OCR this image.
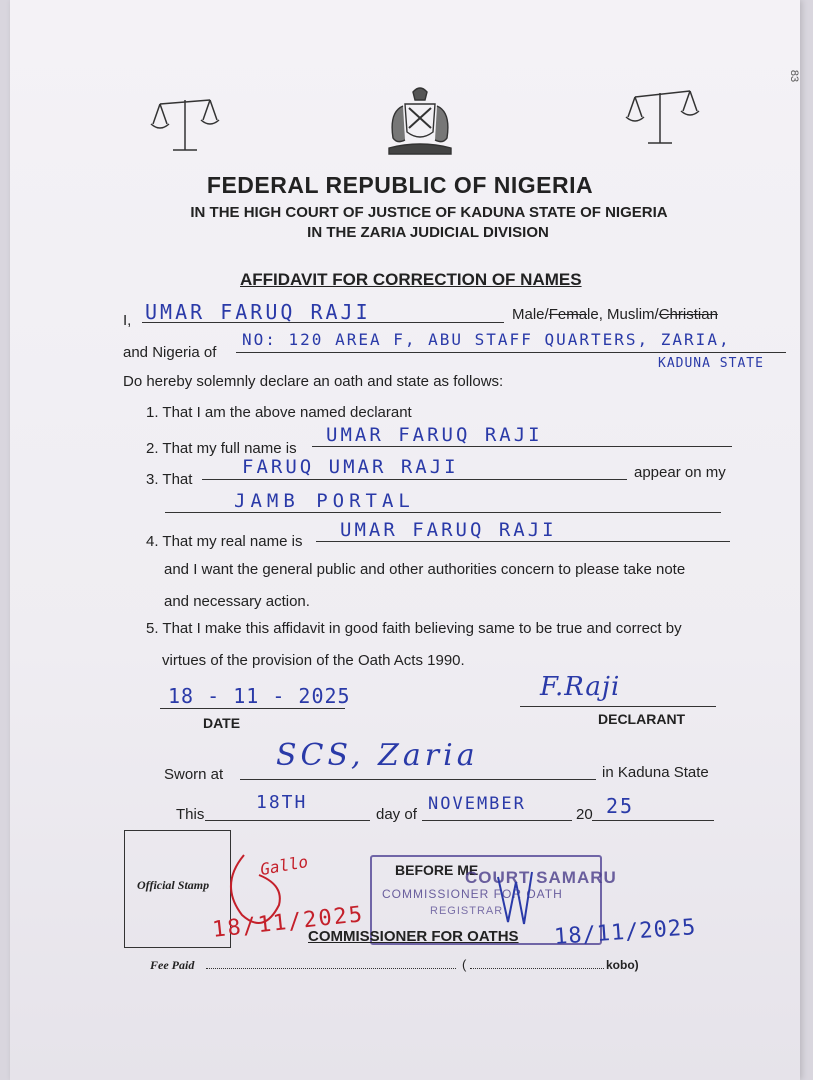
83
FEDERAL REPUBLIC OF NIGERIA
IN THE HIGH COURT OF JUSTICE OF KADUNA STATE OF NIGERIA
IN THE ZARIA JUDICIAL DIVISION
AFFIDAVIT FOR CORRECTION OF NAMES
I, UMAR FARUQ RAJI	Male/Female, Muslim/Christian
and Nigeria of
NO: 120 AREA F, ABU STAFF QUARTERS, ZARIA,
KADUNA STATE
Do hereby solemnly declare an oath and state as follows:
1. That I am the above named declarant
2. That my full name is
UMAR FARUQ RAJI
3. That
FARUQ UMAR RAJI	appear on my
JAMB PORTAL
4. That my real name is
UMAR FARUQ RAJI
and I want the general public and other authorities concern to please take note
and necessary action.
5. That I make this affidavit in good faith believing same to be true and correct by
virtues of the provision of the Oath Acts 1990.
18 - 11 - 2025
DATE
F.Raji
DECLARANT
Sworn at
SCS, Zaria	in Kaduna State
This
18TH
day of
NOVEMBER
20 25
Official Stamp
Gallo
18/11/2025
BEFORE ME
COURT SAMARU
COMMISSIONER FOR OATH
REGISTRAR
COMMISSIONER FOR OATHS 18/11/2025
Fee Paid	(	kobo)
